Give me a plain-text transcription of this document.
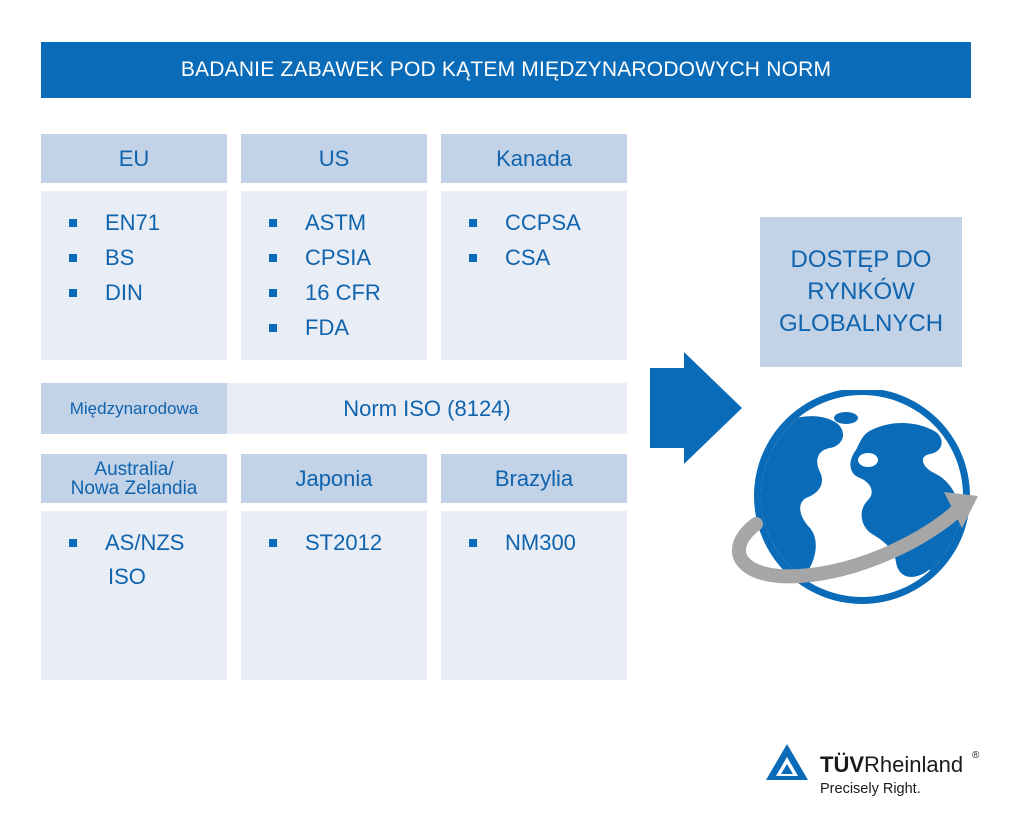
BADANIE ZABAWEK POD KĄTEM MIĘDZYNARODOWYCH NORM
EU
EN71
BS
DIN
US
ASTM
CPSIA
16 CFR
FDA
Kanada
CCPSA
CSA
Międzynarodowa	Norm ISO (8124)
Australia/
Nowa Zelandia
AS/NZS
ISO
Japonia
ST2012
Brazylia
NM300
DOSTĘP DO
RYNKÓW
GLOBALNYCH
TÜVRheinland ®
Precisely Right.
